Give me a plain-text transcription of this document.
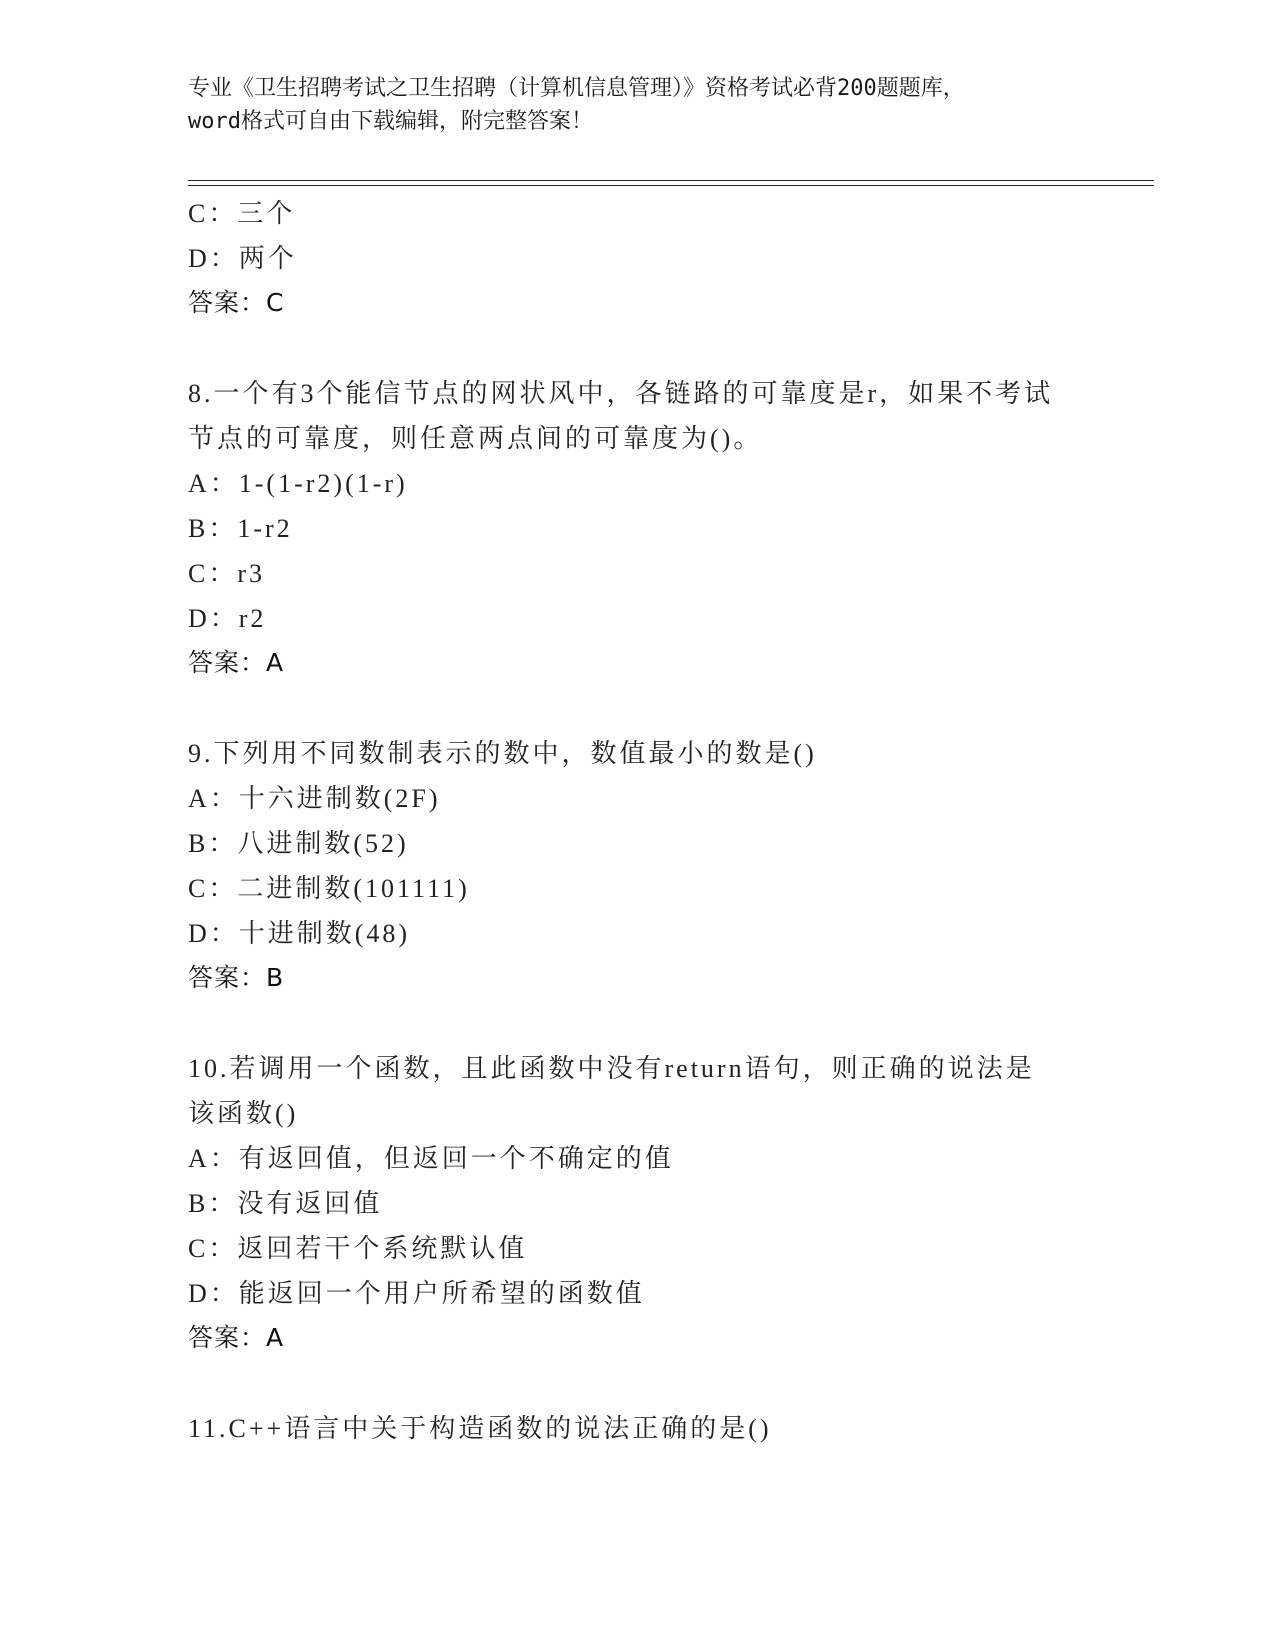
专业《卫生招聘考试之卫生招聘（计算机信息管理）》资格考试必背200题题库，
word格式可自由下载编辑，附完整答案！
C：三个
D：两个
答案：C
8.一个有3个能信节点的网状风中，各链路的可靠度是r，如果不考试
节点的可靠度，则任意两点间的可靠度为()。
A：1-(1-r2)(1-r)
B：1-r2
C：r3
D：r2
答案：A
9.下列用不同数制表示的数中，数值最小的数是()
A：十六进制数(2F)
B：八进制数(52)
C：二进制数(101111)
D：十进制数(48)
答案：B
10.若调用一个函数，且此函数中没有return语句，则正确的说法是
该函数()
A：有返回值，但返回一个不确定的值
B：没有返回值
C：返回若干个系统默认值
D：能返回一个用户所希望的函数值
答案：A
11.C++语言中关于构造函数的说法正确的是()
